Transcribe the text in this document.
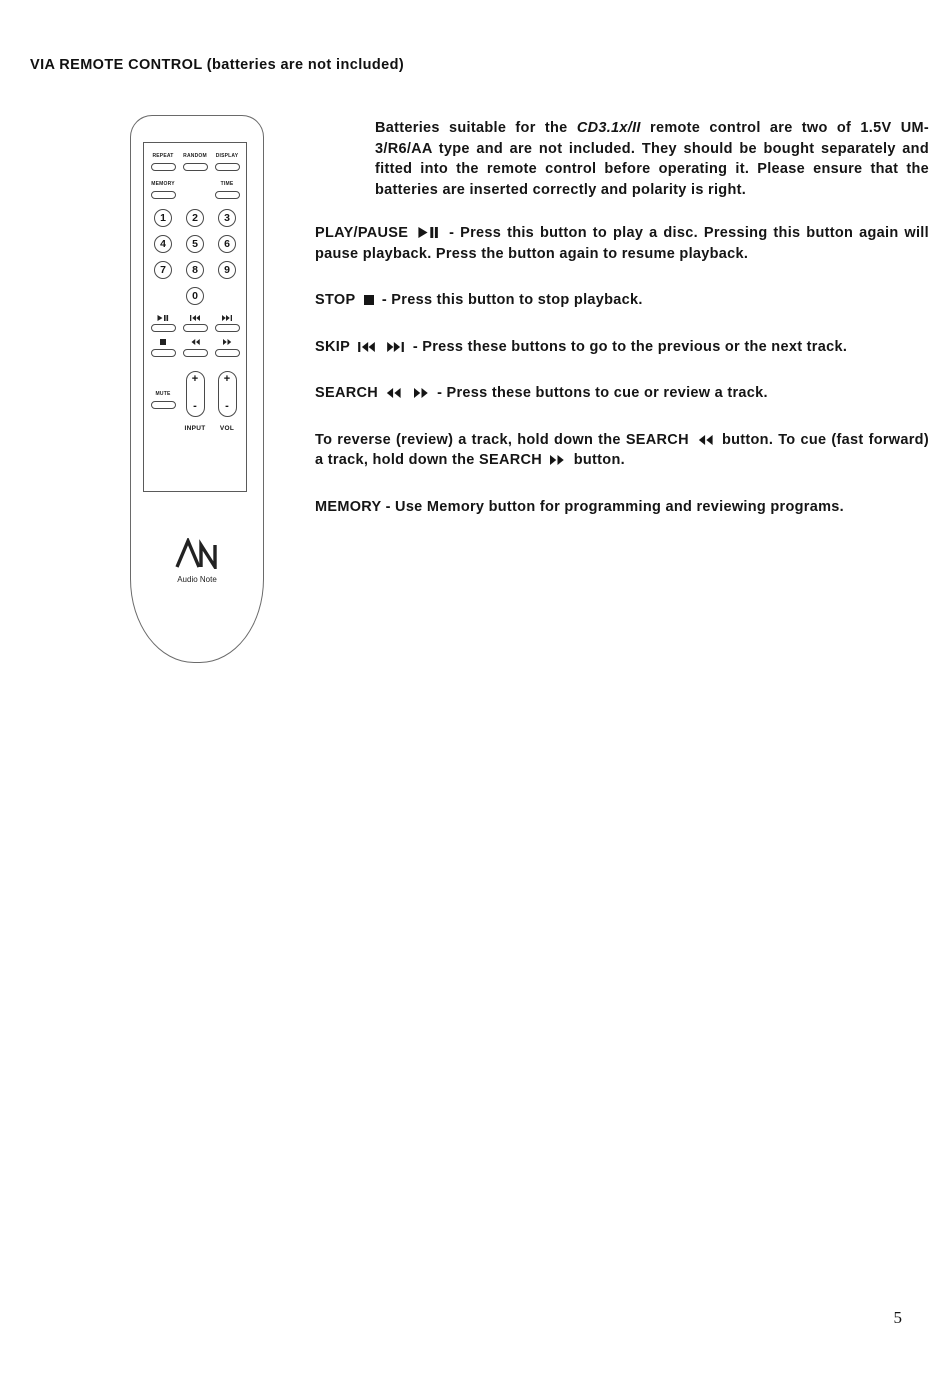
VIA REMOTE CONTROL (batteries are not included)
REPEAT RANDOM DISPLAY
MEMORY	TIME
1	2	3
4	5	6
7	8	9
0
+
-
+
-
MUTE
INPUT VOL
Audio Note

Batteries suitable for the CD3.1x/II remote control are two of 1.5V UM-3/R6/AA type and are not included. They should be bought separately and fitted into the remote control before operating it. Please ensure that the batteries are inserted correctly and polarity is right.

PLAY/PAUSE	- Press this button to play a disc. Pressing this button again will pause playback. Press the button again to resume playback.

STOP - Press this button to stop playback.

SKIP	- Press these buttons to go to the previous or the next track.

SEARCH	- Press these buttons to cue or review a track.

To reverse (review) a track, hold down the SEARCH button. To cue (fast forward) a track, hold down the SEARCH button.

MEMORY - Use Memory button for programming and reviewing programs.

5
